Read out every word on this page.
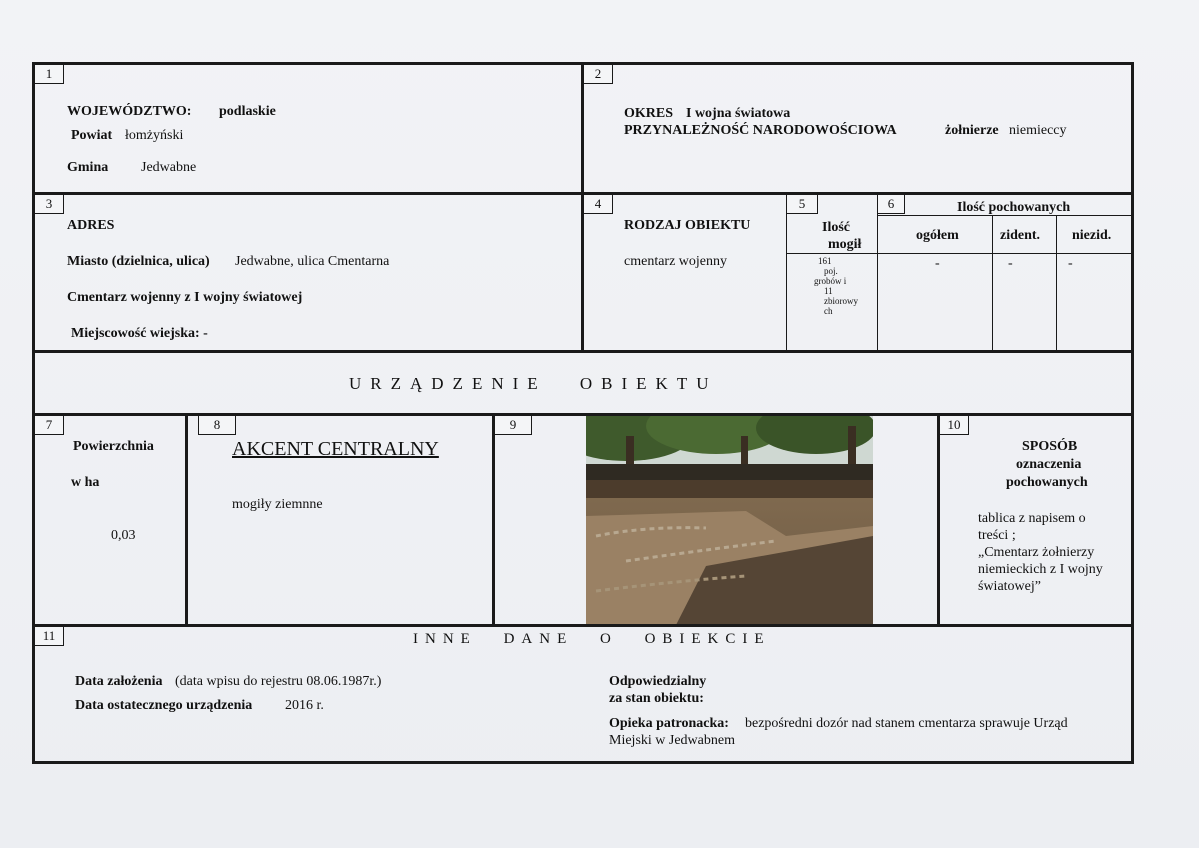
1
WOJEWÓDZTWO: podlaskie
Powiat łomżyński
Gmina Jedwabne
2
OKRES I wojna światowa
PRZYNALEŻNOŚĆ NARODOWOŚCIOWA	żołnierze niemieccy
3
ADRES
Miasto (dzielnica, ulica) Jedwabne, ulica Cmentarna
Cmentarz wojenny z I wojny światowej
Miejscowość wiejska: -
4
RODZAJ OBIEKTU
cmentarz wojenny
5
Ilość
mogił
161
poj.
grobów i
11
zbiorowy
ch
6	Ilość pochowanych
ogółem	zident. niezid.
-	-	-
URZĄDZENIE OBIEKTU
7
Powierzchnia
w ha
0,03
8
AKCENT CENTRALNY
mogiły ziemnne
9	10
SPOSÓB
oznaczenia
pochowanych
tablica z napisem o
treści ;
„Cmentarz żołnierzy
niemieckich z I wojny
światowej”
11	INNE DANE O OBIEKCIE
Data założenia (data wpisu do rejestru 08.06.1987r.)
Data ostatecznego urządzenia 2016 r.
Odpowiedzialny
za stan obiektu:
Opieka patronacka: bezpośredni dozór nad stanem cmentarza sprawuje Urząd
Miejski w Jedwabnem
